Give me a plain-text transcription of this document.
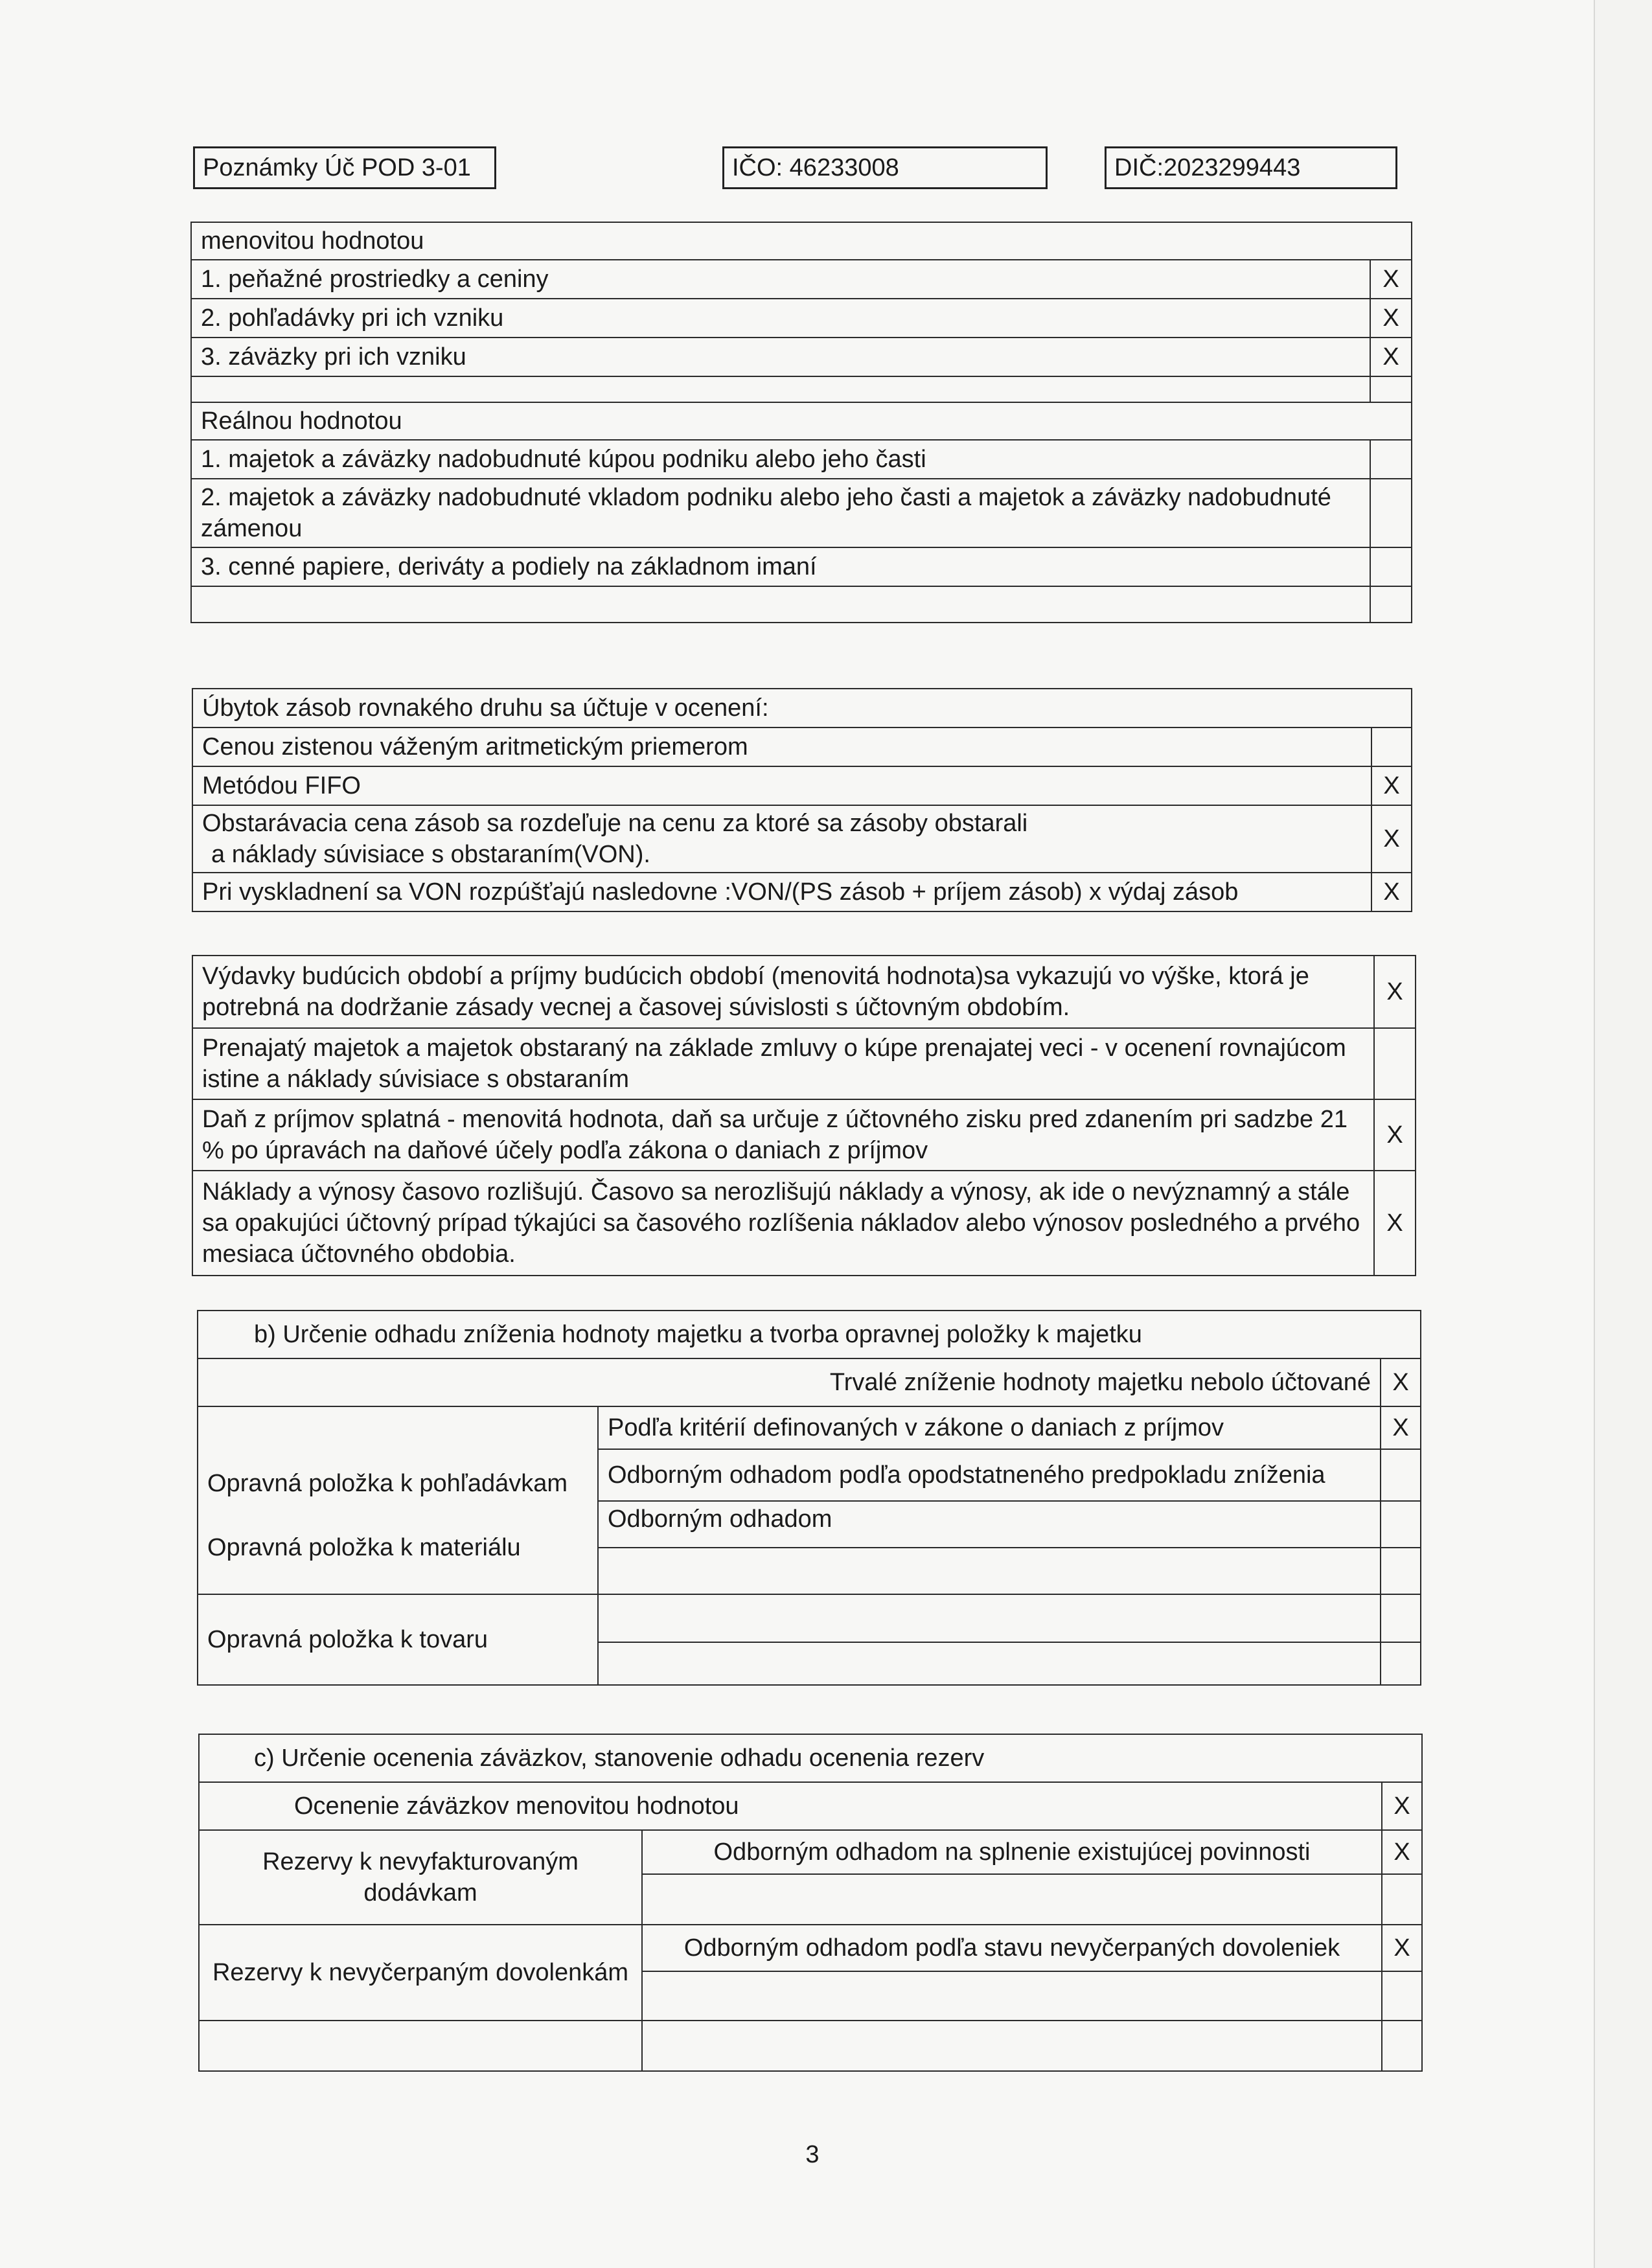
Poznámky Úč POD 3-01	IČO: 46233008	DIČ:2023299443
menovitou hodnotou	
1. peňažné prostriedky a ceniny	X
2. pohľadávky pri ich vzniku	X
3. záväzky pri ich vzniku	X

Reálnou hodnotou	
1. majetok a záväzky nadobudnuté kúpou podniku alebo jeho časti	
2. majetok a záväzky nadobudnuté vkladom podniku alebo jeho časti a majetok a záväzky nadobudnuté zámenou	
3. cenné papiere, deriváty a podiely na základnom imaní	

Úbytok zásob rovnakého druhu sa účtuje v ocenení:	
Cenou zistenou váženým aritmetickým priemerom	
Metódou FIFO	X

Obstarávacia cena zásob sa rozdeľuje na cenu za ktoré sa zásoby obstarali
a náklady súvisiace s obstaraním(VON).	X
Pri vyskladnení sa VON rozpúšťajú nasledovne :VON/(PS zásob + príjem zásob) x výdaj zásob	X
Výdavky budúcich období a príjmy budúcich období (menovitá hodnota)sa vykazujú vo výške, ktorá je potrebná na dodržanie zásady vecnej a časovej súvislosti s účtovným obdobím.	X
Prenajatý majetok a majetok obstaraný na základe zmluvy o kúpe prenajatej veci - v ocenení rovnajúcom istine a náklady súvisiace s obstaraním	
Daň z príjmov splatná - menovitá hodnota, daň sa určuje z účtovného zisku pred zdanením pri sadzbe 21 % po úpravách na daňové účely podľa zákona o daniach z príjmov	X
Náklady a výnosy časovo rozlišujú. Časovo sa nerozlišujú náklady a výnosy, ak ide o nevýznamný a stále sa opakujúci účtovný prípad týkajúci sa časového rozlíšenia nákladov alebo výnosov posledného a prvého mesiaca účtovného obdobia.	X
b) Určenie odhadu zníženia hodnoty majetku a tvorba opravnej položky k majetku		
Trvalé zníženie hodnoty majetku nebolo účtované		X
Opravná položka k pohľadávkam	Podľa kritérií definovaných v zákone o daniach z príjmov	X
	Odborným odhadom podľa opodstatneného predpokladu zníženia	
Opravná položka k materiálu	Odborným odhadom	

Opravná položka k tovaru		

c) Určenie ocenenia záväzkov, stanovenie odhadu ocenenia rezerv		
Ocenenie záväzkov menovitou hodnotou		X

Rezervy k nevyfakturovaným
dodávkam	Odborným odhadom na splnenie existujúcej povinnosti	X

Rezervy k nevyčerpaným dovolenkám	Odborným odhadom podľa stavu nevyčerpaných dovoleniek	X

3
